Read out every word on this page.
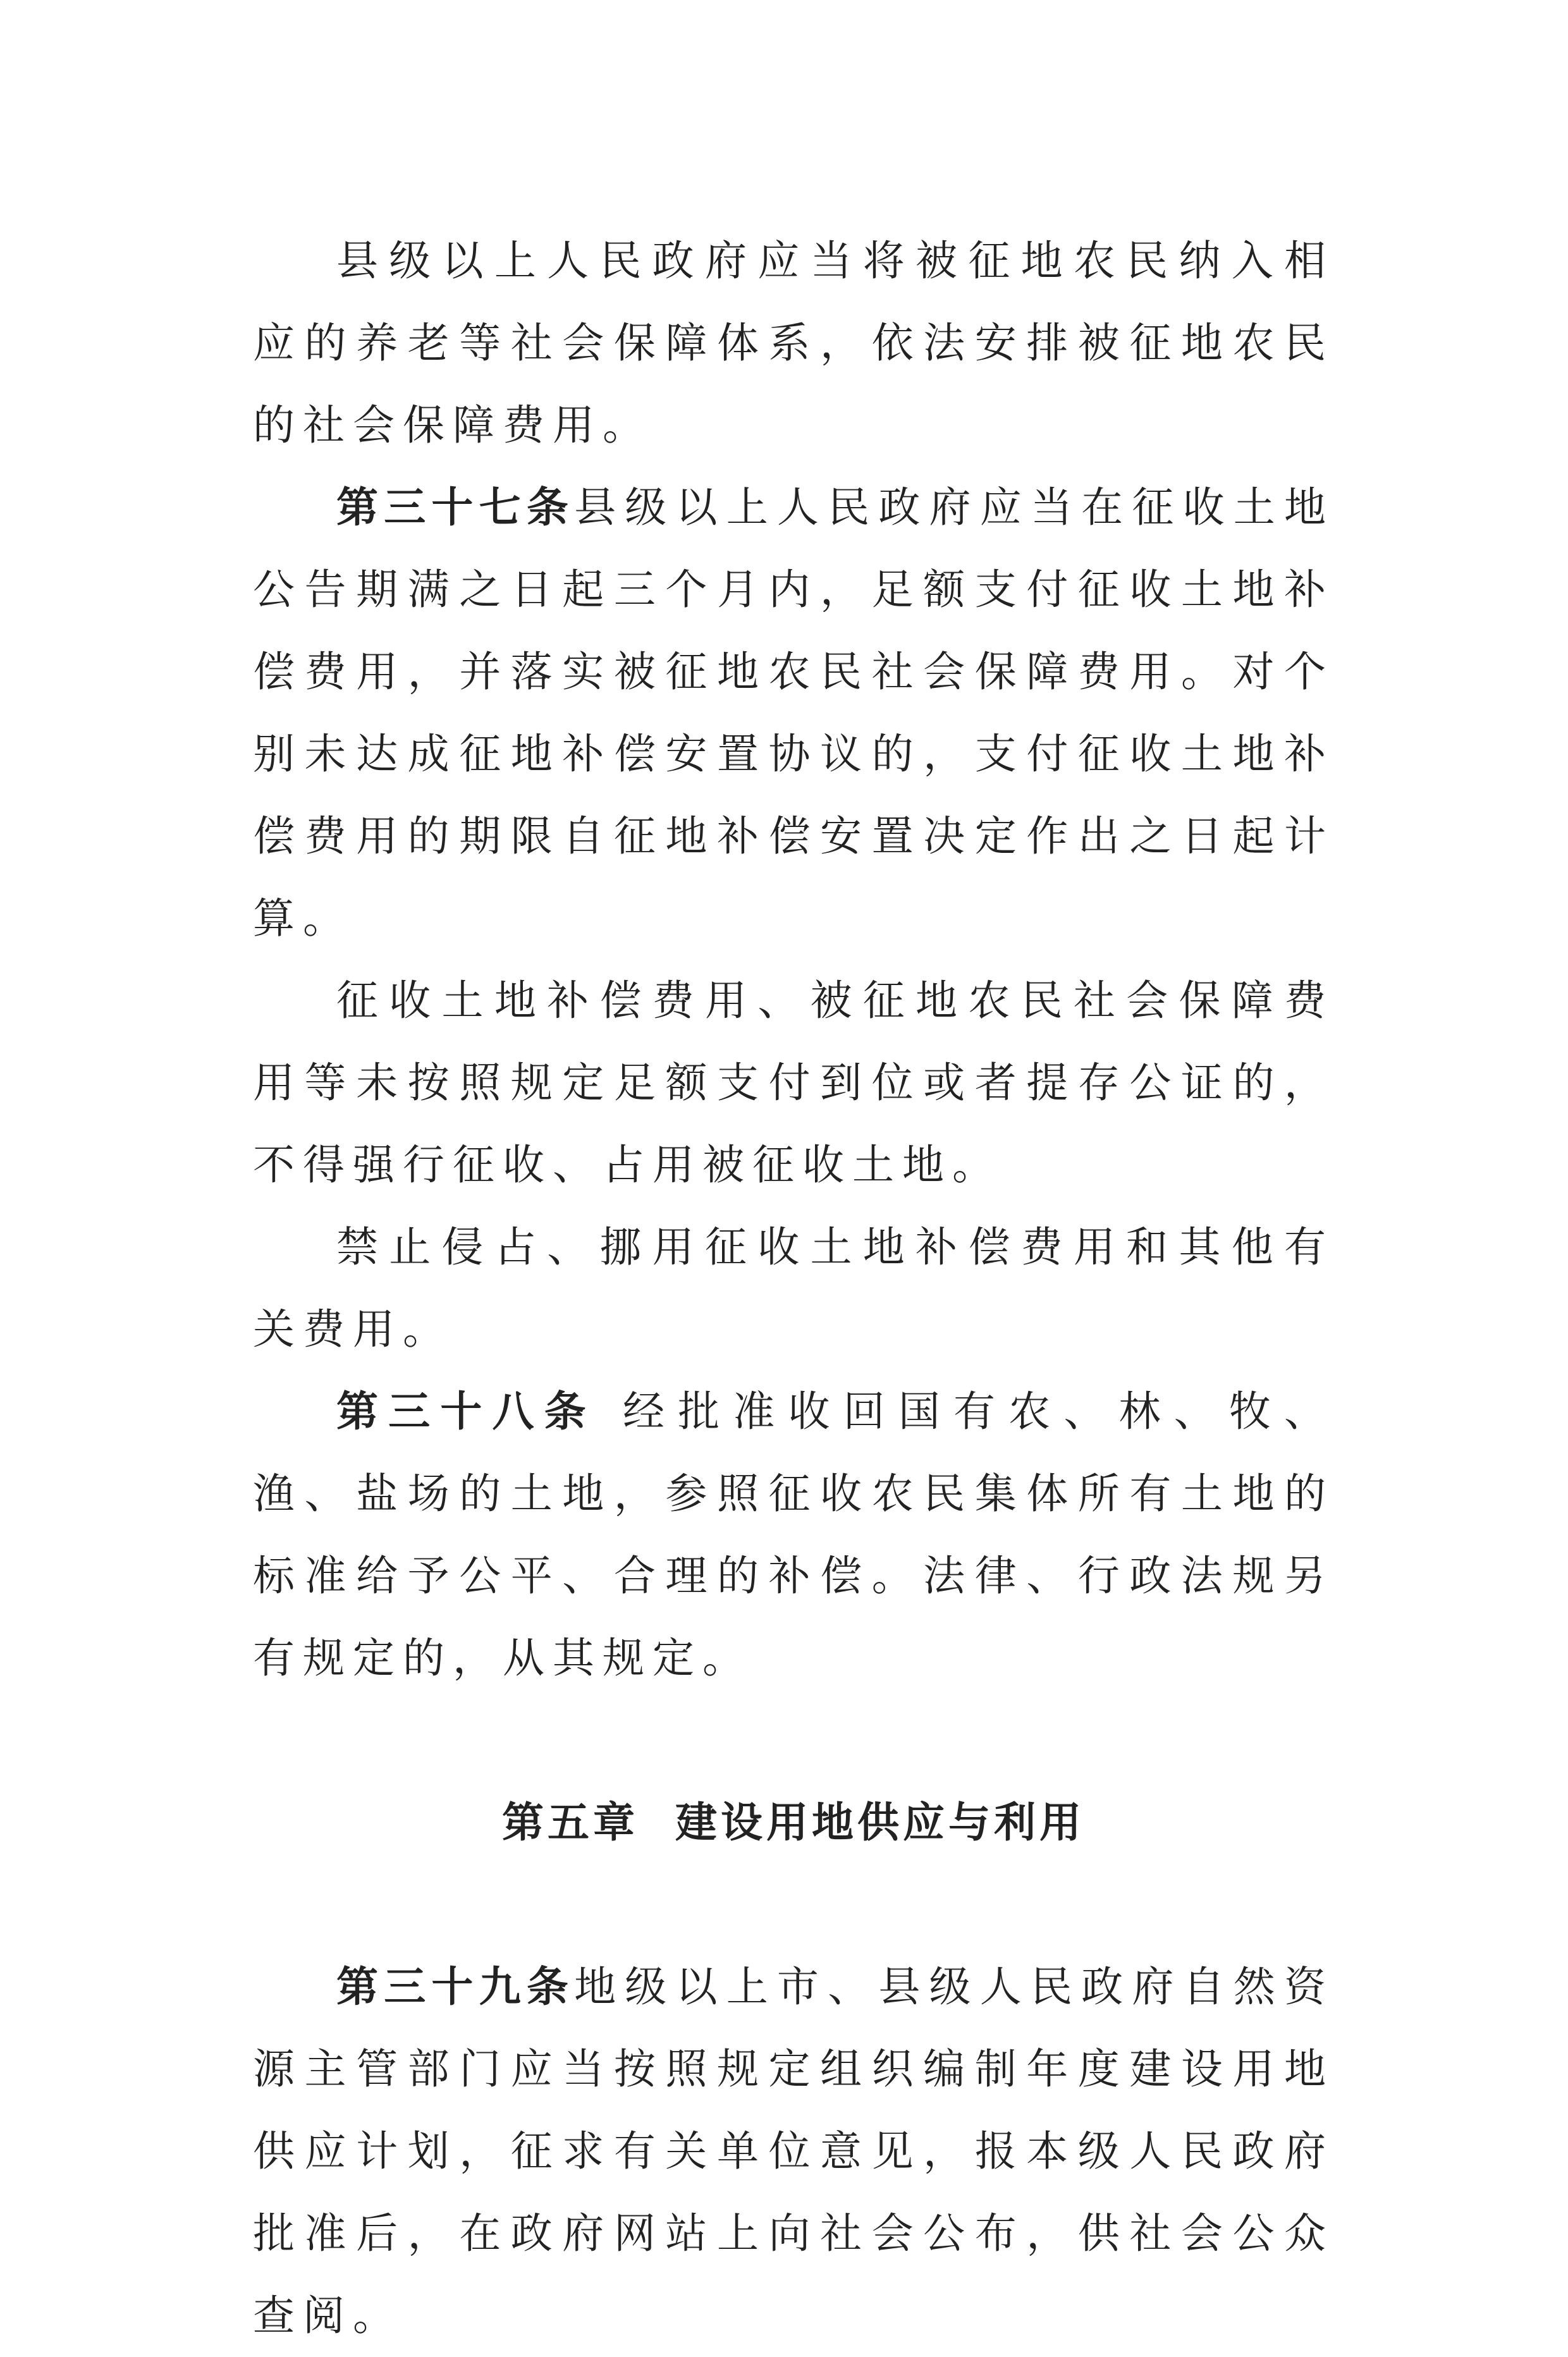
县级以上人民政府应当将被征地农民纳入相应的养老等社会保障体系，依法安排被征地农民的社会保障费用。

第三十七条县级以上人民政府应当在征收土地公告期满之日起三个月内，足额支付征收土地补偿费用，并落实被征地农民社会保障费用。对个别未达成征地补偿安置协议的，支付征收土地补偿费用的期限自征地补偿安置决定作出之日起计算。

征收土地补偿费用、被征地农民社会保障费用等未按照规定足额支付到位或者提存公证的，不得强行征收、占用被征收土地。

禁止侵占、挪用征收土地补偿费用和其他有关费用。

第三十八条 经批准收回国有农、林、牧、渔、盐场的土地，参照征收农民集体所有土地的标准给予公平、合理的补偿。法律、行政法规另有规定的，从其规定。

第五章 建设用地供应与利用

第三十九条地级以上市、县级人民政府自然资源主管部门应当按照规定组织编制年度建设用地供应计划，征求有关单位意见，报本级人民政府批准后，在政府网站上向社会公布，供社会公众查阅。
